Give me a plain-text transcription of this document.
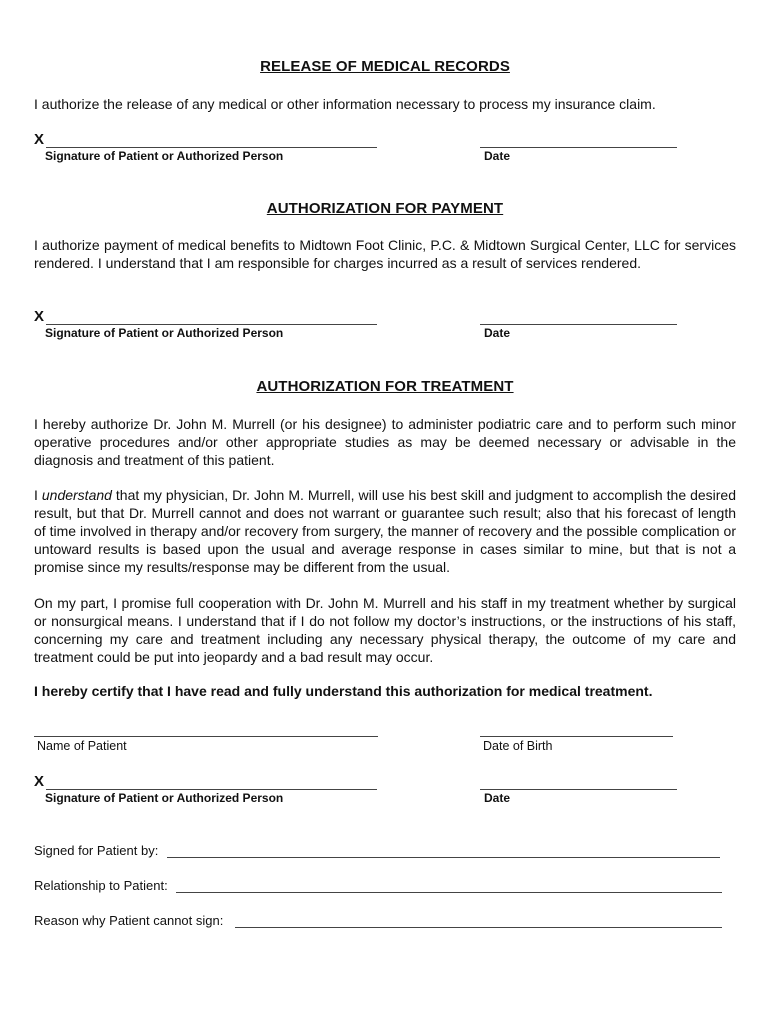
RELEASE OF MEDICAL RECORDS

I authorize the release of any medical or other information necessary to process my insurance claim.

X
Signature of Patient or Authorized Person	Date
AUTHORIZATION FOR PAYMENT

I authorize payment of medical benefits to Midtown Foot Clinic, P.C. & Midtown Surgical Center, LLC for services rendered. I understand that I am responsible for charges incurred as a result of services rendered.

X
Signature of Patient or Authorized Person	Date
AUTHORIZATION FOR TREATMENT

I hereby authorize Dr. John M. Murrell (or his designee) to administer podiatric care and to perform such minor operative procedures and/or other appropriate studies as may be deemed necessary or advisable in the diagnosis and treatment of this patient.

I understand that my physician, Dr. John M. Murrell, will use his best skill and judgment to accomplish the desired result, but that Dr. Murrell cannot and does not warrant or guarantee such result; also that his forecast of length of time involved in therapy and/or recovery from surgery, the manner of recovery and the possible complication or untoward results is based upon the usual and average response in cases similar to mine, but that is not a promise since my results/response may be different from the usual.

On my part, I promise full cooperation with Dr. John M. Murrell and his staff in my treatment whether by surgical or nonsurgical means. I understand that if I do not follow my doctor’s instructions, or the instructions of his staff, concerning my care and treatment including any necessary physical therapy, the outcome of my care and treatment could be put into jeopardy and a bad result may occur.

I hereby certify that I have read and fully understand this authorization for medical treatment.
Name of Patient	Date of Birth
X
Signature of Patient or Authorized Person	Date
Signed for Patient by:
Relationship to Patient:
Reason why Patient cannot sign:
